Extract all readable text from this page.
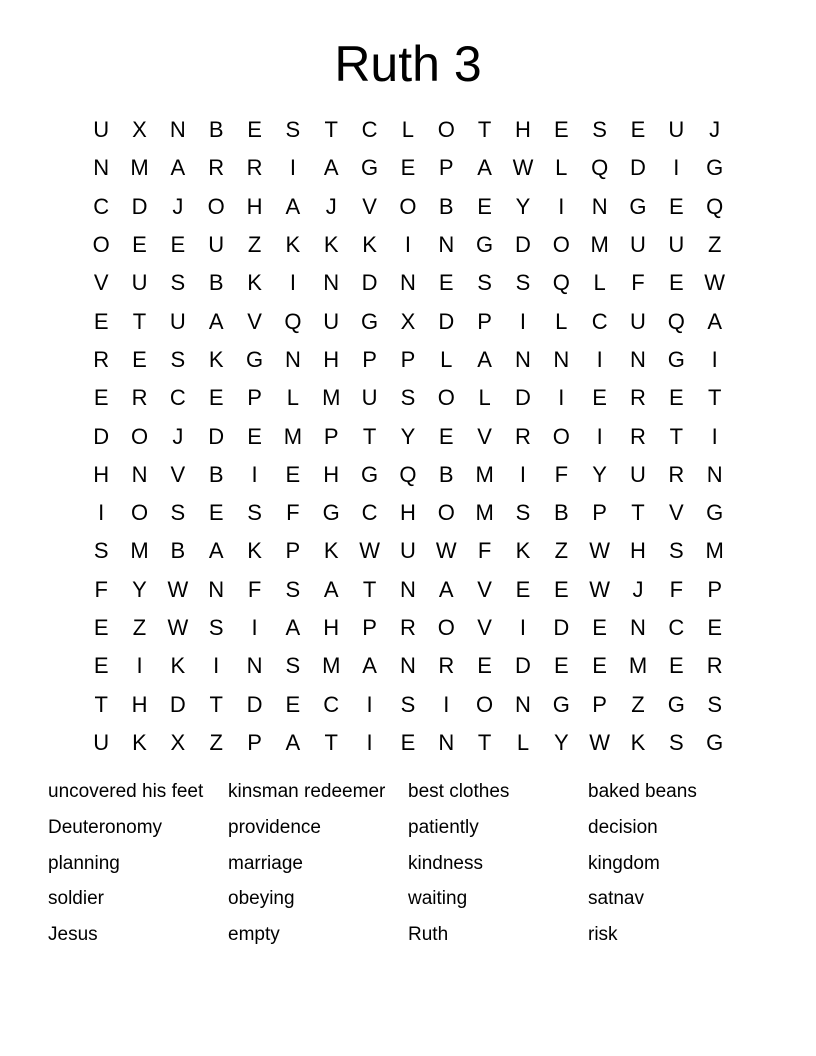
Ruth 3
U	X	N	B	E	S	T	C	L	O	T	H	E	S	E	U	J
N M A	R	R	I	A	G	E	P	A W L	Q D	I	G
C	D	J	O H	A	J	V	O	B	E	Y	I	N G	E	Q
O	E	E	U	Z	K	K	K	I	N G D O M U	U	Z
V	U	S	B	K	I	N	D	N	E	S	S	Q	L	F	E W
E	T	U	A	V	Q U G	X	D	P	I	L	C	U Q	A
R	E	S	K	G N	H	P	P	L	A	N	N	I	N G	I
E	R	C	E	P	L	M U	S	O	L	D	I	E	R	E	T
D O	J	D	E M P	T	Y	E	V	R O	I	R	T	I
H	N	V	B	I	E	H G Q	B M	I	F	Y	U	R	N
I	O	S	E	S	F	G C	H O M S	B	P	T	V	G
S M B	A	K	P	K W U W F	K	Z W H	S M
F	Y W N	F	S	A	T	N	A	V	E	E W	J	F	P
E	Z W S	I	A	H	P	R O	V	I	D	E	N	C	E
E	I	K	I	N	S M A	N	R	E	D	E	E M E	R
T	H	D	T	D	E	C	I	S	I	O N G	P	Z	G	S
U	K	X	Z	P	A	T	I	E	N	T	L	Y W K	S	G
uncovered his feet	kinsman redeemer	best clothes	baked beans
Deuteronomy	providence	patiently	decision
planning	marriage	kindness	kingdom
soldier	obeying	waiting	satnav
Jesus	empty	Ruth	risk
